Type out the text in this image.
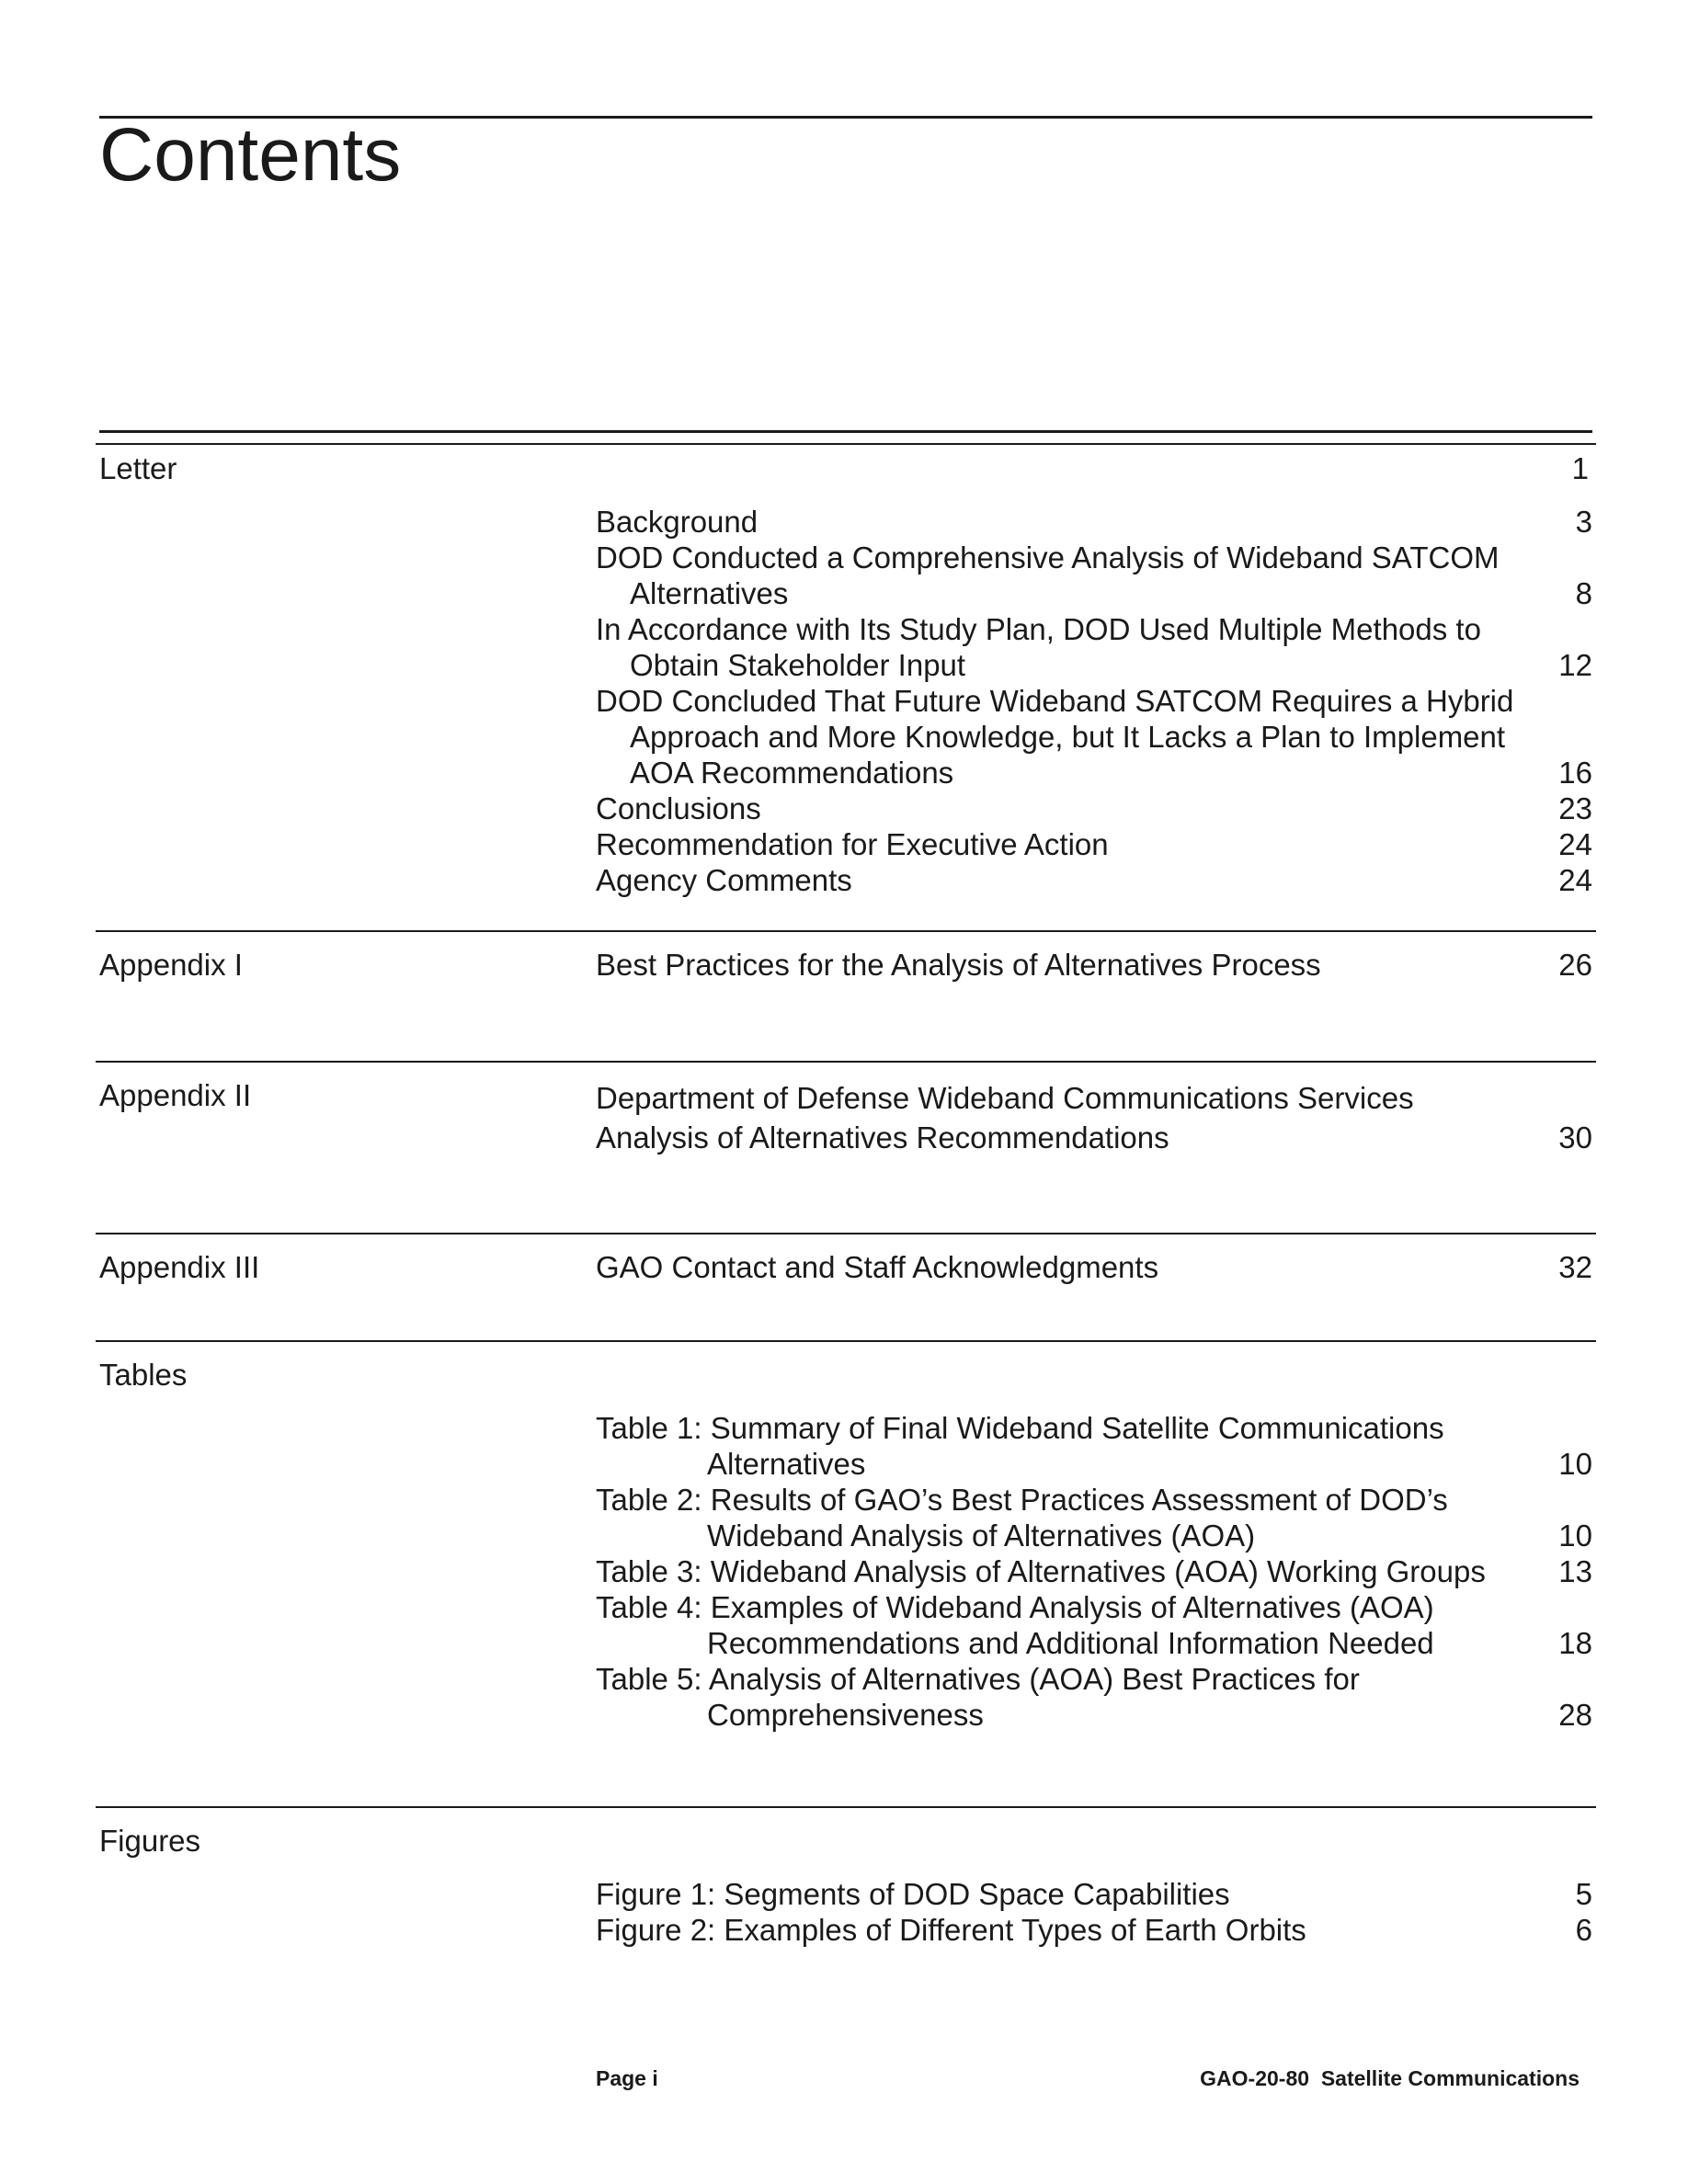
Contents
Letter	1
Background	3
DOD Conducted a Comprehensive Analysis of Wideband SATCOM Alternatives	8
In Accordance with Its Study Plan, DOD Used Multiple Methods to Obtain Stakeholder Input	12
DOD Concluded That Future Wideband SATCOM Requires a Hybrid Approach and More Knowledge, but It Lacks a Plan to Implement AOA Recommendations	16
Conclusions	23
Recommendation for Executive Action	24
Agency Comments	24
Appendix I	Best Practices for the Analysis of Alternatives Process	26
Appendix II	Department of Defense Wideband Communications Services
Analysis of Alternatives Recommendations	30
Appendix III	GAO Contact and Staff Acknowledgments	32
Tables
Table 1: Summary of Final Wideband Satellite Communications Alternatives	10
Table 2: Results of GAO’s Best Practices Assessment of DOD’s Wideband Analysis of Alternatives (AOA)	10
Table 3: Wideband Analysis of Alternatives (AOA) Working Groups	13
Table 4: Examples of Wideband Analysis of Alternatives (AOA) Recommendations and Additional Information Needed	18
Table 5: Analysis of Alternatives (AOA) Best Practices for Comprehensiveness	28
Figures
Figure 1: Segments of DOD Space Capabilities	5
Figure 2: Examples of Different Types of Earth Orbits	6
Page i	GAO-20-80  Satellite Communications
